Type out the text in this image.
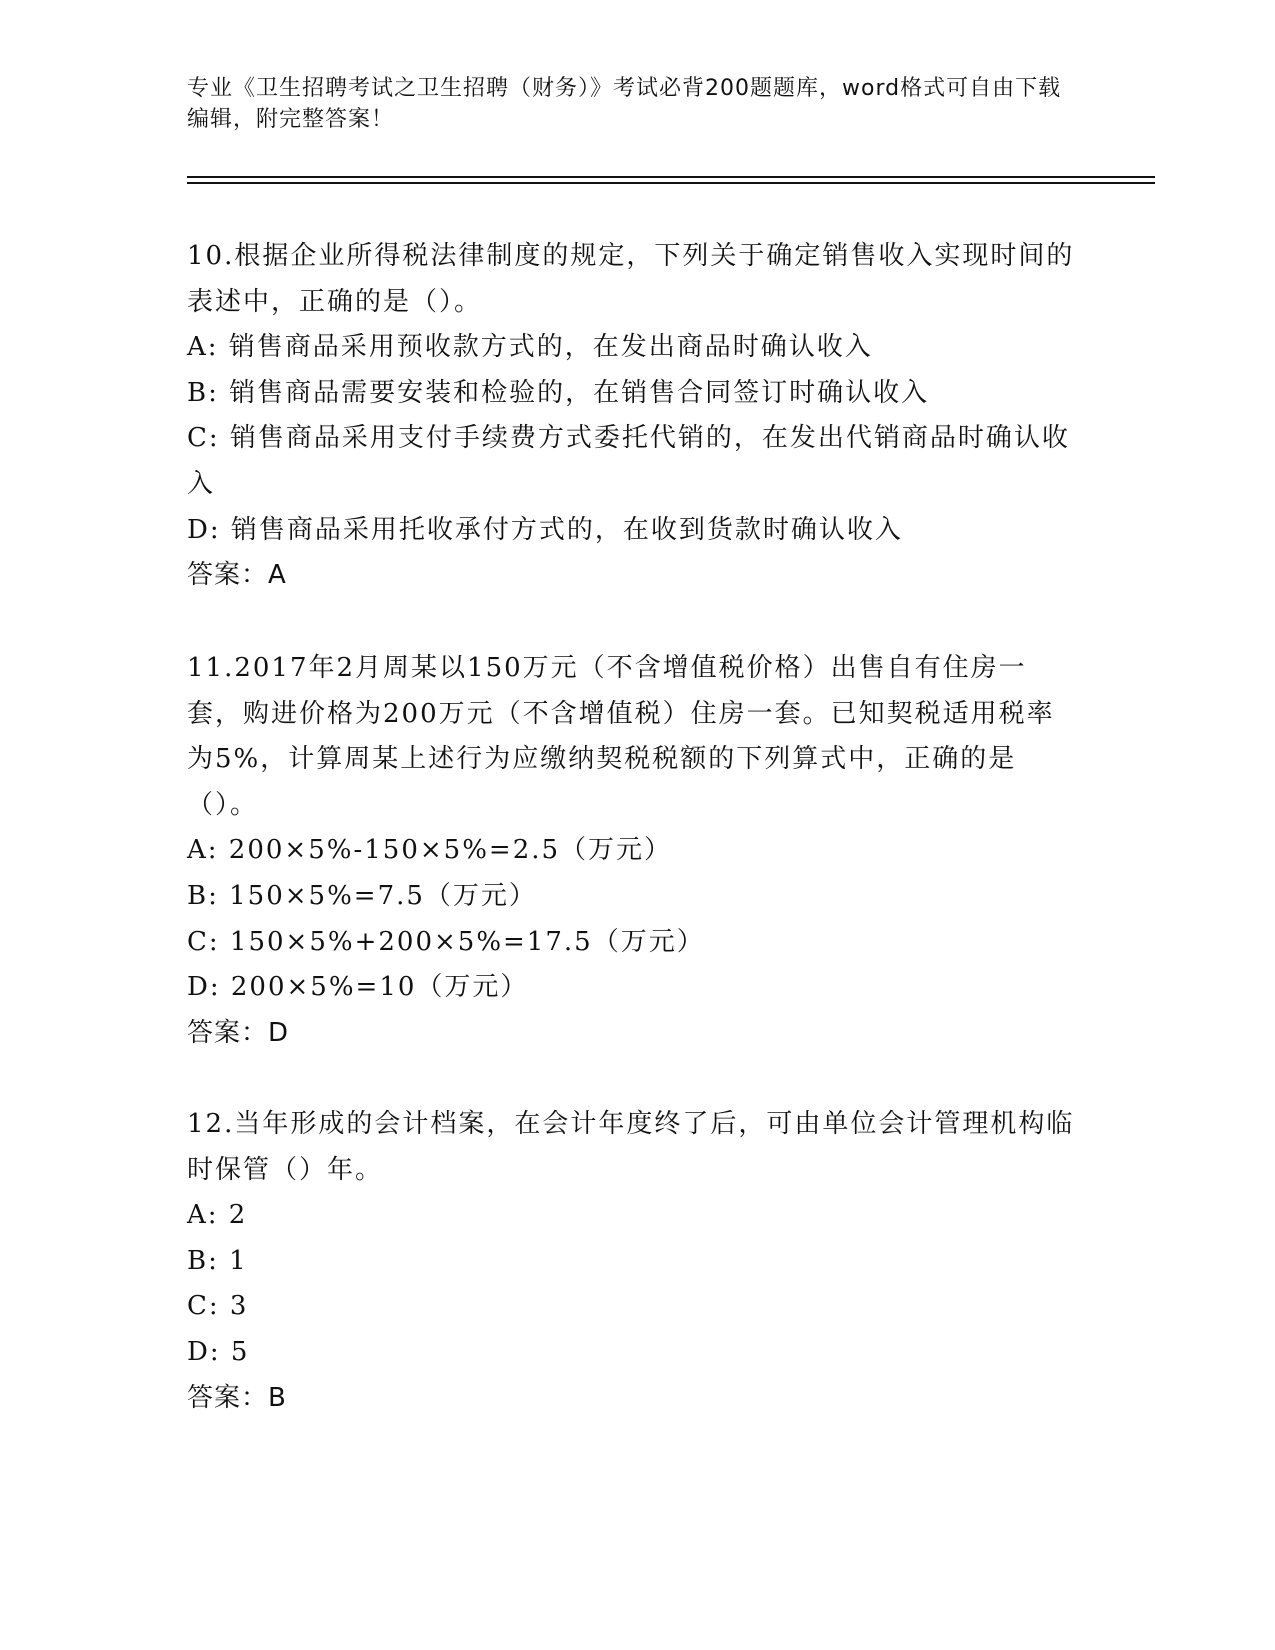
专业《卫生招聘考试之卫生招聘（财务）》考试必背200题题库，word格式可自由下载编辑，附完整答案！

10.根据企业所得税法律制度的规定，下列关于确定销售收入实现时间的表述中，正确的是（）。

A: 销售商品采用预收款方式的，在发出商品时确认收入

B: 销售商品需要安装和检验的，在销售合同签订时确认收入

C: 销售商品采用支付手续费方式委托代销的，在发出代销商品时确认收入

D: 销售商品采用托收承付方式的，在收到货款时确认收入

答案：A

11.2017年2月周某以150万元（不含增值税价格）出售自有住房一套，购进价格为200万元（不含增值税）住房一套。已知契税适用税率为5%，计算周某上述行为应缴纳契税税额的下列算式中，正确的是（）。

A: 200×5%-150×5%=2.5（万元）

B: 150×5%=7.5（万元）

C: 150×5%+200×5%=17.5（万元）

D: 200×5%=10（万元）

答案：D

12.当年形成的会计档案，在会计年度终了后，可由单位会计管理机构临时保管（）年。

A: 2

B: 1

C: 3

D: 5

答案：B
